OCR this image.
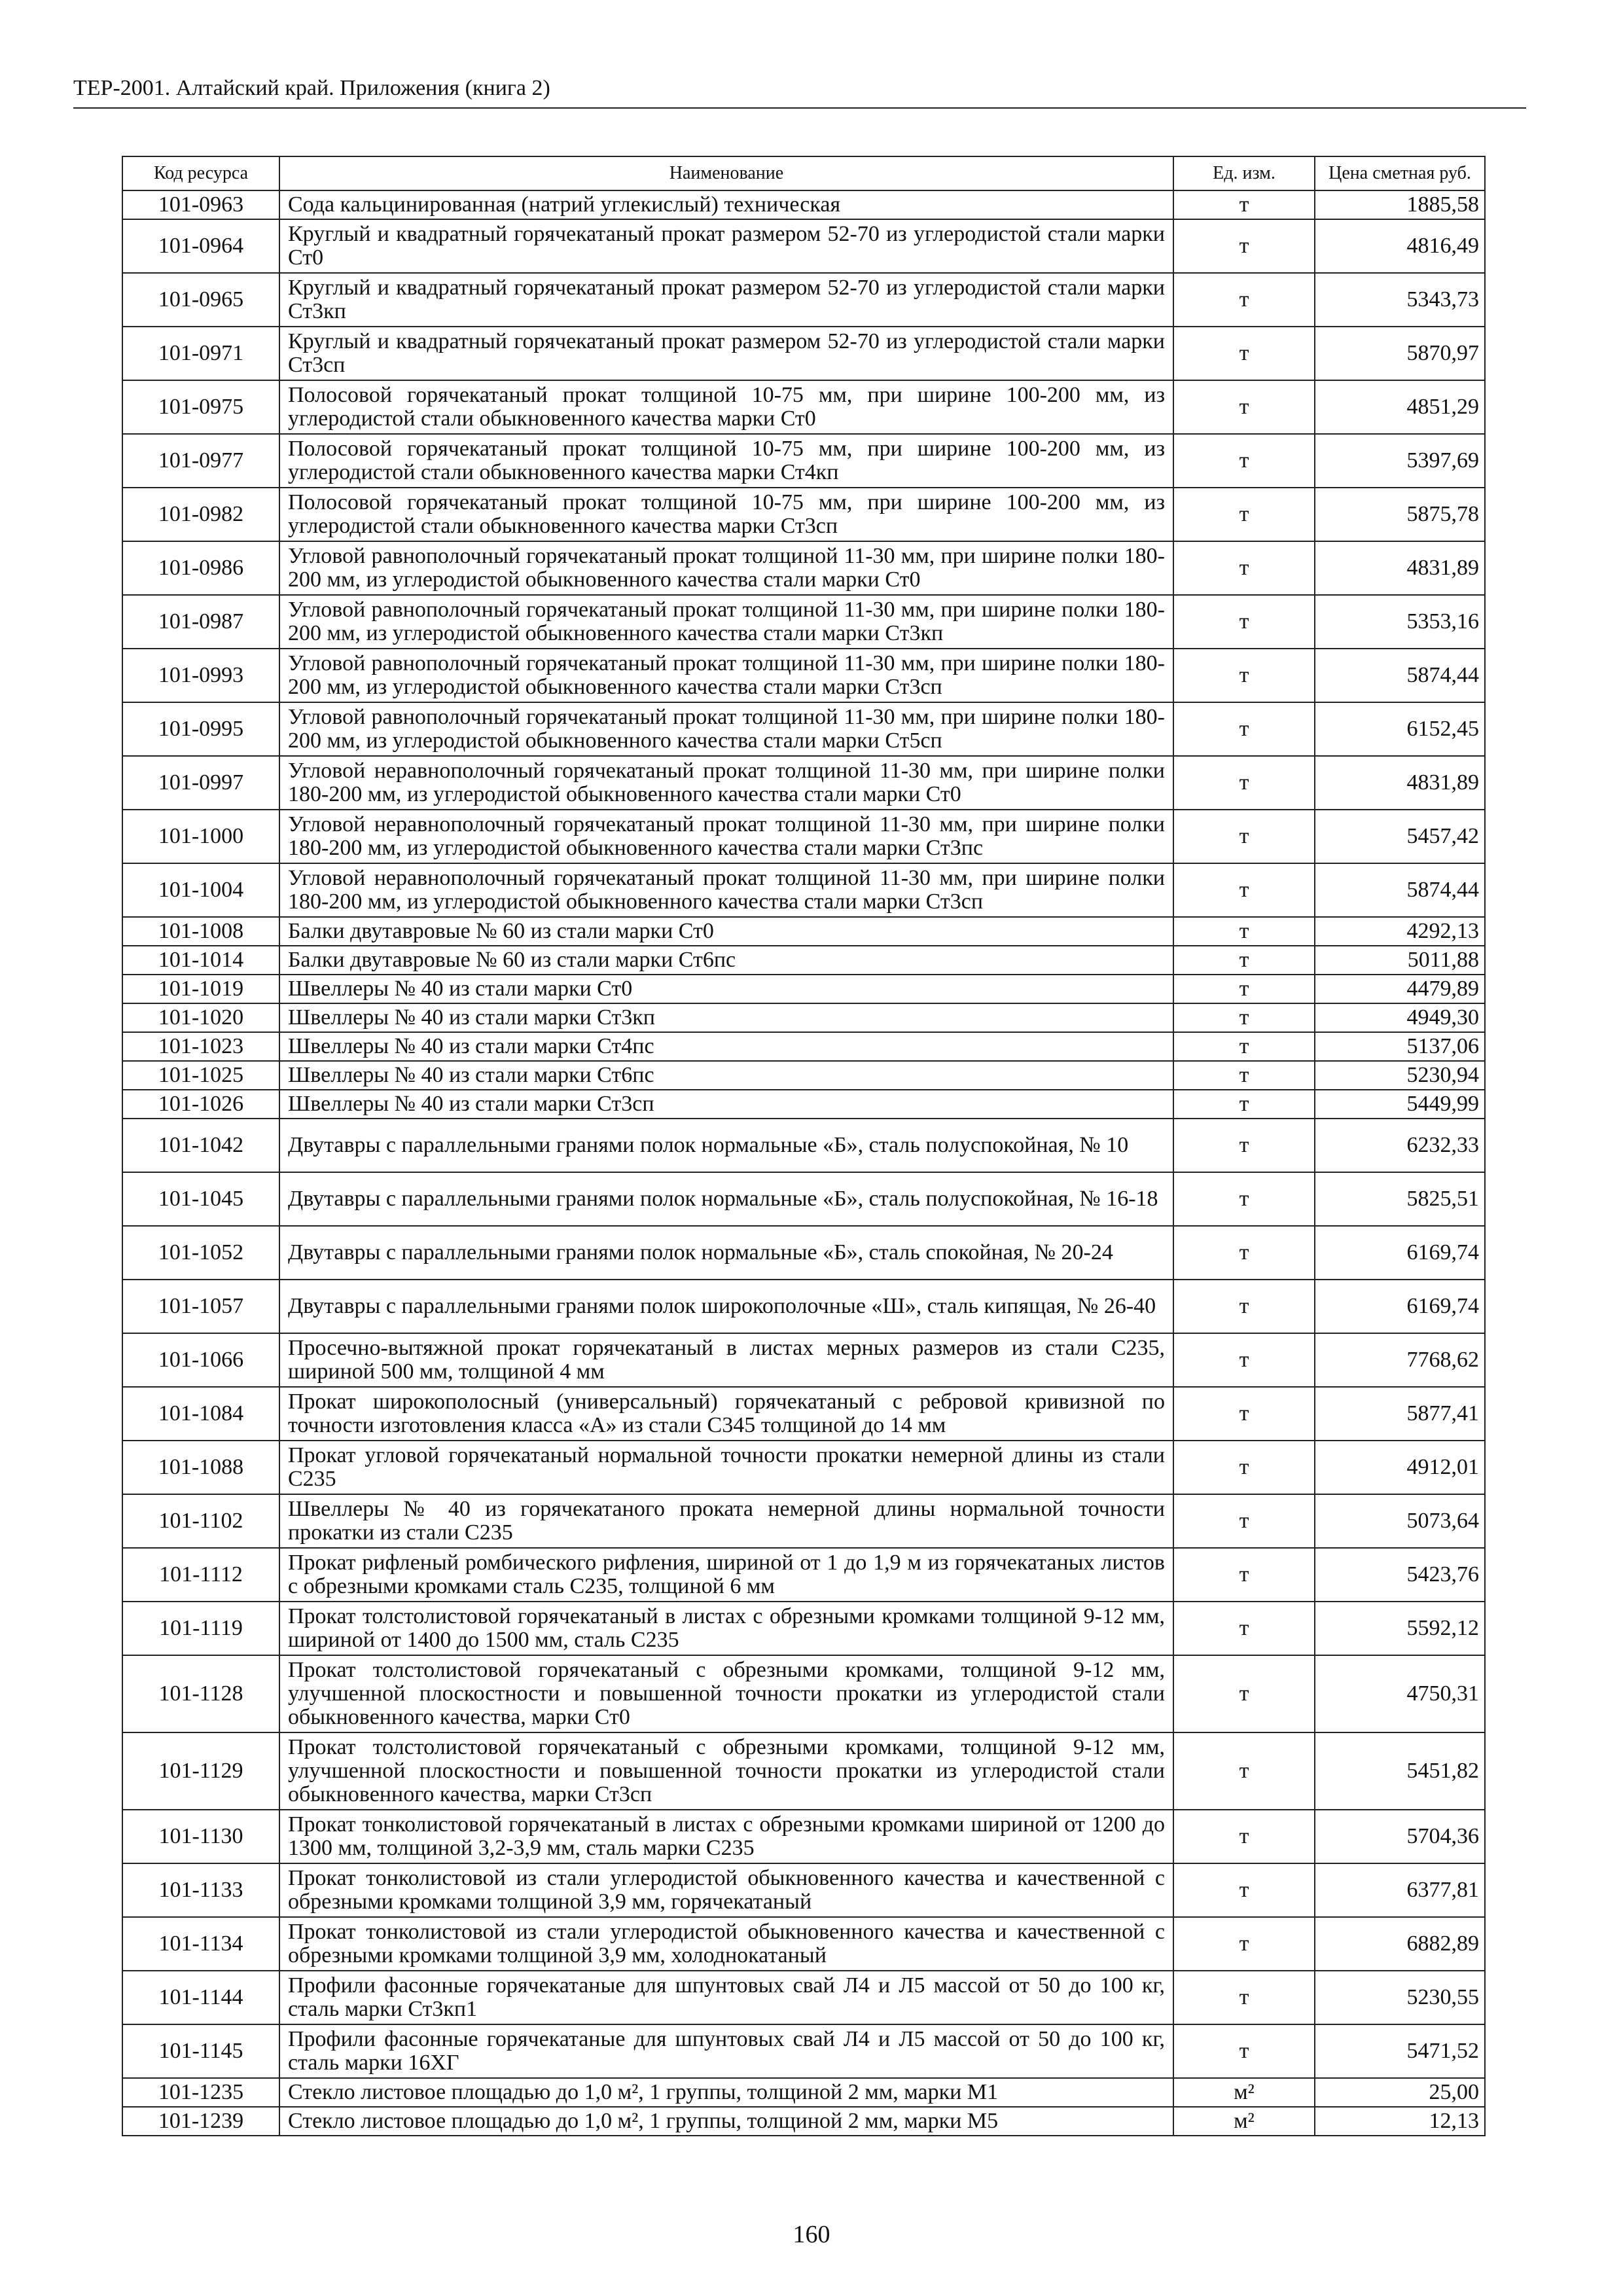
ТЕР-2001. Алтайский край. Приложения (книга 2)
Код ресурса	Наименование	Ед. изм.	Цена сметная руб.
101-0963	Сода кальцинированная (натрий углекислый) техническая	т	1885,58
101-0964	Круглый и квадратный горячекатаный прокат размером 52-70 из углеродистой стали марки Ст0	т	4816,49
101-0965	Круглый и квадратный горячекатаный прокат размером 52-70 из углеродистой стали марки Ст3кп	т	5343,73
101-0971	Круглый и квадратный горячекатаный прокат размером 52-70 из углеродистой стали марки Ст3сп	т	5870,97
101-0975	Полосовой горячекатаный прокат толщиной 10-75 мм, при ширине 100-200 мм, из углеродистой стали обыкновенного качества марки Ст0	т	4851,29
101-0977	Полосовой горячекатаный прокат толщиной 10-75 мм, при ширине 100-200 мм, из углеродистой стали обыкновенного качества марки Ст4кп	т	5397,69
101-0982	Полосовой горячекатаный прокат толщиной 10-75 мм, при ширине 100-200 мм, из углеродистой стали обыкновенного качества марки Ст3сп	т	5875,78
101-0986	Угловой равнополочный горячекатаный прокат толщиной 11-30 мм, при ширине полки 180-200 мм, из углеродистой обыкновенного качества стали марки Ст0	т	4831,89
101-0987	Угловой равнополочный горячекатаный прокат толщиной 11-30 мм, при ширине полки 180-200 мм, из углеродистой обыкновенного качества стали марки Ст3кп	т	5353,16
101-0993	Угловой равнополочный горячекатаный прокат толщиной 11-30 мм, при ширине полки 180-200 мм, из углеродистой обыкновенного качества стали марки Ст3сп	т	5874,44
101-0995	Угловой равнополочный горячекатаный прокат толщиной 11-30 мм, при ширине полки 180-200 мм, из углеродистой обыкновенного качества стали марки Ст5сп	т	6152,45
101-0997	Угловой неравнополочный горячекатаный прокат толщиной 11-30 мм, при ширине полки 180-200 мм, из углеродистой обыкновенного качества стали марки Ст0	т	4831,89
101-1000	Угловой неравнополочный горячекатаный прокат толщиной 11-30 мм, при ширине полки 180-200 мм, из углеродистой обыкновенного качества стали марки Ст3пс	т	5457,42
101-1004	Угловой неравнополочный горячекатаный прокат толщиной 11-30 мм, при ширине полки 180-200 мм, из углеродистой обыкновенного качества стали марки Ст3сп	т	5874,44
101-1008	Балки двутавровые № 60 из стали марки Ст0	т	4292,13
101-1014	Балки двутавровые № 60 из стали марки Ст6пс	т	5011,88
101-1019	Швеллеры № 40 из стали марки Ст0	т	4479,89
101-1020	Швеллеры № 40 из стали марки Ст3кп	т	4949,30
101-1023	Швеллеры № 40 из стали марки Ст4пс	т	5137,06
101-1025	Швеллеры № 40 из стали марки Ст6пс	т	5230,94
101-1026	Швеллеры № 40 из стали марки Ст3сп	т	5449,99
101-1042	Двутавры с параллельными гранями полок нормальные «Б», сталь полуспокойная, № 10	т	6232,33
101-1045	Двутавры с параллельными гранями полок нормальные «Б», сталь полуспокойная, № 16-18	т	5825,51
101-1052	Двутавры с параллельными гранями полок нормальные «Б», сталь спокойная, № 20-24	т	6169,74
101-1057	Двутавры с параллельными гранями полок широкополочные «Ш», сталь кипящая, № 26-40	т	6169,74
101-1066	Просечно-вытяжной прокат горячекатаный в листах мерных размеров из стали С235, шириной 500 мм, толщиной 4 мм	т	7768,62
101-1084	Прокат широкополосный (универсальный) горячекатаный с ребровой кривизной по точности изготовления класса «А» из стали С345 толщиной до 14 мм	т	5877,41
101-1088	Прокат угловой горячекатаный нормальной точности прокатки немерной длины из стали С235	т	4912,01
101-1102	Швеллеры № 40 из горячекатаного проката немерной длины нормальной точности прокатки из стали С235	т	5073,64
101-1112	Прокат рифленый ромбического рифления, шириной от 1 до 1,9 м из горячекатаных листов с обрезными кромками сталь С235, толщиной 6 мм	т	5423,76
101-1119	Прокат толстолистовой горячекатаный в листах с обрезными кромками толщиной 9-12 мм, шириной от 1400 до 1500 мм, сталь С235	т	5592,12
101-1128	Прокат толстолистовой горячекатаный с обрезными кромками, толщиной 9-12 мм, улучшенной плоскостности и повышенной точности прокатки из углеродистой стали обыкновенного качества, марки Ст0	т	4750,31
101-1129	Прокат толстолистовой горячекатаный с обрезными кромками, толщиной 9-12 мм, улучшенной плоскостности и повышенной точности прокатки из углеродистой стали обыкновенного качества, марки Ст3сп	т	5451,82
101-1130	Прокат тонколистовой горячекатаный в листах с обрезными кромками шириной от 1200 до 1300 мм, толщиной 3,2-3,9 мм, сталь марки С235	т	5704,36
101-1133	Прокат тонколистовой из стали углеродистой обыкновенного качества и качественной с обрезными кромками толщиной 3,9 мм, горячекатаный	т	6377,81
101-1134	Прокат тонколистовой из стали углеродистой обыкновенного качества и качественной с обрезными кромками толщиной 3,9 мм, холоднокатаный	т	6882,89
101-1144	Профили фасонные горячекатаные для шпунтовых свай Л4 и Л5 массой от 50 до 100 кг, сталь марки Ст3кп1	т	5230,55
101-1145	Профили фасонные горячекатаные для шпунтовых свай Л4 и Л5 массой от 50 до 100 кг, сталь марки 16ХГ	т	5471,52
101-1235	Стекло листовое площадью до 1,0 м², 1 группы, толщиной 2 мм, марки М1	м²	25,00
101-1239	Стекло листовое площадью до 1,0 м², 1 группы, толщиной 2 мм, марки М5	м²	12,13
160
